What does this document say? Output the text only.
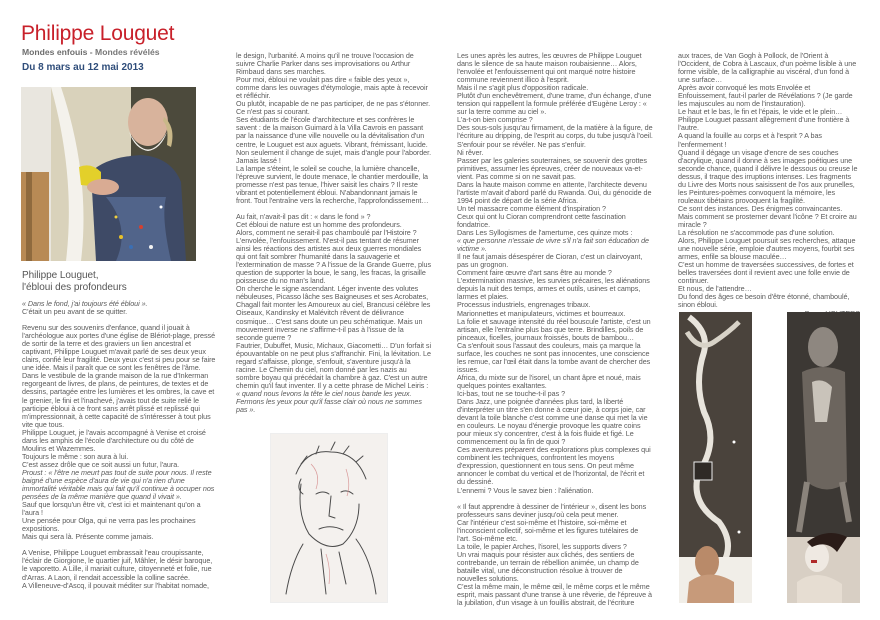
Philippe Louguet
Mondes enfouis - Mondes révélés
Du 8 mars au 12 mai 2013

Philippe Louguet,
l'ébloui des profondeurs

« Dans le fond, j'ai toujours été ébloui ».

C'était un peu avant de se quitter.

Revenu sur des souvenirs d'enfance, quand il jouait à l'archéologue aux portes d'une église de Blériot-plage, pressé de sortir de la terre et des graviers un lien ancestral et captivant, Philippe Louguet m'avait parlé de ses deux yeux clairs, confié leur fragilité. Deux yeux c'est si peu pour se faire une idée. Mais il paraît que ce sont les fenêtres de l'âme. Dans le vestibule de la grande maison de la rue d'Inkerman regorgeant de livres, de plans, de peintures, de textes et de dessins, partagée entre les lumières et les ombres, la cave et le grenier, le fini et l'inachevé, j'avais tout de suite relié le participe ébloui à ce front sans arrêt plissé et replissé qui m'impressionnait, à cette capacité de s'intéresser à tout plus vite que tous.

Philippe Louguet, je l'avais accompagné à Venise et croisé dans les amphis de l'école d'architecture ou du côté de Moulins et Wazemmes.

Toujours le même : son aura à lui.

C'est assez drôle que ce soit aussi un futur, l'aura.

Proust : « l'être ne meurt pas tout de suite pour nous. Il reste baigné d'une espèce d'aura de vie qui n'a rien d'une immortalité véritable mais qui fait qu'il continue à occuper nos pensées de la même manière que quand il vivait ».

Sauf que lorsqu'un être vit, c'est ici et maintenant qu'on a l'aura !

Une pensée pour Olga, qui ne verra pas les prochaines expositions.

Mais qui sera là. Présente comme jamais.

A Venise, Philippe Louguet embrassait l'eau croupissante, l'éclair de Giorgione, le quartier juif, Mâhler, le désir baroque, le vaporetto. A Lille, il mariait culture, citoyenneté et folie, rue d'Arras. A Laon, il rendait accessible la colline sacrée.

A Villeneuve-d'Ascq, il pouvait méditer sur l'habitat nomade,

le design, l'urbanité. A moins qu'il ne trouve l'occasion de suivre Charlie Parker dans ses improvisations ou Arthur Rimbaud dans ses marches.

Pour moi, ébloui ne voulait pas dire « faible des yeux », comme dans les ouvrages d'étymologie, mais apte à recevoir et réfléchir.

Ou plutôt, incapable de ne pas participer, de ne pas s'étonner.

Ce n'est pas si courant.

Ses étudiants de l'école d'architecture et ses confrères le savent : de la maison Guimard à la Villa Cavrois en passant par la naissance d'une ville nouvelle ou la dévitalisation d'un centre, le Louguet est aux aguets. Vibrant, frémissant, lucide. Non seulement il change de sujet, mais d'angle pour l'aborder. Jamais lassé !

La lampe s'éteint, le soleil se couche, la lumière chancelle, l'épreuve survient, le doute menace, le chantier merdouille, la promesse n'est pas tenue, l'hiver saisit les chairs ? Il reste vibrant et potentiellement ébloui. N'abandonnant jamais le front. Tout l'entraîne vers la recherche, l'approfondissement…

Au fait, n'avait-il pas dit : « dans le fond » ?

Cet ébloui de nature est un homme des profondeurs.

Alors, comment ne serait-il pas chamboulé par l'Histoire ?

L'envolée, l'enfouissement. N'est-il pas tentant de résumer ainsi les réactions des artistes aux deux guerres mondiales qui ont fait sombrer l'humanité dans la sauvagerie et l'extermination de masse ? A l'issue de la Grande Guerre, plus question de supporter la boue, le sang, les fracas, la grisaille poisseuse du no man's land.

On cherche le signe ascendant. Léger invente des volutes nébuleuses, Picasso lâche ses Baigneuses et ses Acrobates, Chagall fait monter les Amoureux au ciel, Brancusi célèbre les Oiseaux, Kandinsky et Malévitch rêvent de délivrance cosmique… C'est sans doute un peu schématique. Mais un mouvement inverse ne s'affirme-t-il pas à l'issue de la seconde guerre ?

Fautrier, Dubuffet, Music, Michaux, Giacometti… D'un forfait si épouvantable on ne peut plus s'affranchir. Fini, la lévitation. Le regard s'affaisse, plonge, s'enfouit, s'aventure jusqu'à la racine. Le Chemin du ciel, nom donné par les nazis au sombre boyau qui précédait la chambre à gaz. C'est un autre chemin qu'il faut inventer. Il y a cette phrase de Michel Leiris :

« quand nous levons la tête le ciel nous bande les yeux. Fermons les yeux pour qu'il fasse clair où nous ne sommes pas ».

Les unes après les autres, les œuvres de Philippe Louguet dans le silence de sa haute maison roubaisienne… Alors, l'envolée et l'enfouissement qui ont marqué notre histoire commune reviennent illico à l'esprit.

Mais il ne s'agit plus d'opposition radicale.

Plutôt d'un enchevêtrement, d'une trame, d'un échange, d'une tension qui rappellent la formule préférée d'Eugène Leroy : « sur la terre comme au ciel ».

L'a-t-on bien comprise ?

Des sous-sols jusqu'au firmament, de la matière à la figure, de l'écriture au dripping, de l'esprit au corps, du tube jusqu'à l'oeil. S'enfouir pour se révéler. Ne pas s'enfuir.

Ni rêver.

Passer par les galeries souterraines, se souvenir des grottes primitives, assumer les épreuves, créer de nouveaux va-et-vient. Pas comme si on ne savait pas.

Dans la haute maison comme en attente, l'architecte devenu l'artiste m'avait d'abord parlé du Rwanda. Oui, du génocide de 1994 point de départ de la série Africa.

Un tel massacre comme élément d'inspiration ?

Ceux qui ont lu Cioran comprendront cette fascination fondatrice.

Dans Les Syllogismes de l'amertume, ces quinze mots :

« que personne n'essaie de vivre s'il n'a fait son éducation de victime ».

Il ne faut jamais désespérer de Cioran, c'est un clairvoyant, pas un grognon.

Comment faire œuvre d'art sans être au monde ?

L'extermination massive, les survies précaires, les aliénations depuis la nuit des temps, armes et outils, usines et camps, larmes et plaies.

Processus industriels, engrenages tribaux.

Marionnettes et manipulateurs, victimes et bourreaux.

La folie et sauvage intensité du réel bouscule l'artiste, c'est un artisan, elle l'entraîne plus bas que terre. Brindilles, poils de pinceaux, ficelles, journaux froissés, bouts de bambou…

Ca s'enfouit sous l'assaut des couleurs, mais ça marque la surface, les couches ne sont pas innocentes, une conscience les remue, car l'œil était dans la tombe avant de chercher des issues.

Africa, du mixte sur de l'isorel, un chant âpre et noué, mais quelques pointes exaltantes.

Ici-bas, tout ne se touche-t-il pas ?

Dans Jazz, une poignée d'années plus tard, la liberté d'interpréter un titre s'en donne à cœur joie, à corps joie, car devant la toile blanche c'est comme une danse qui met la vie en couleurs. Le noyau d'énergie provoque les quatre coins pour mieux s'y concentrer, c'est à la fois fluide et figé. Le commencement ou la fin de quoi ?

Ces aventures préparent des explorations plus complexes qui combinent les techniques, confrontent les moyens d'expression, questionnent en tous sens. On peut même annoncer le combat du vertical et de l'horizontal, de l'écrit et du dessiné.

L'ennemi ? Vous le savez bien : l'aliénation.

« Il faut apprendre à dessiner de l'intérieur », disent les bons professeurs sans deviner jusqu'où cela peut mener.

Car l'intérieur c'est soi-même et l'histoire, soi-même et l'inconscient collectif, soi-même et les figures tutélaires de l'art. Soi-même etc.

La toile, le papier Arches, l'isorel, les supports divers ?

Un vrai maquis pour résister aux clichés, des sentiers de contrebande, un terrain de rébellion animée, un champ de bataille vital, une déconstruction résolue à trouver de nouvelles solutions.

C'est la même main, le même œil, le même corps et le même esprit, mais passant d'une transe à une rêverie, de l'épreuve à la jubilation, d'un visage à un fouillis abstrait, de l'écriture

aux traces, de Van Gogh à Pollock, de l'Orient à l'Occident, de Cobra à Lascaux, d'un poème lisible à une forme visible, de la calligraphie au viscéral, d'un fond à une surface…

Après avoir convoqué les mots Envolée et Enfouissement, faut-il parler de Révélations ? (Je garde les majuscules au nom de l'instauration).

Le haut et le bas, le fin et l'épais, le vide et le plein…

Philippe Louguet passant allègrement d'une frontière à l'autre.

A quand la fouille au corps et à l'esprit ? A bas l'enfermement !

Quand il dégage un visage d'encre de ses couches d'acrylique, quand il donne à ses images poétiques une seconde chance, quand il délivre le dessous ou creuse le dessus, il traque des irruptions intenses. Les fragments du Livre des Morts nous saisissent de l'os aux prunelles, les Peintures-poèmes convoquent la mémoire, les rouleaux tibétains provoquent la fragilité.

Ce sont des instances. Des énigmes convaincantes.

Mais comment se prosterner devant l'icône ? Et croire au miracle ?

La résolution ne s'accommode pas d'une solution.

Alors, Philippe Louguet poursuit ses recherches, attaque une nouvelle série, emploie d'autres moyens, fourbit ses armes, enfile sa blouse maculée…

C'est un homme de traversées successives, de fortes et belles traversées dont il revient avec une folle envie de continuer.

Et nous, de l'attendre…

Du fond des âges ce besoin d'être étonné, chamboulé, sinon ébloui.
